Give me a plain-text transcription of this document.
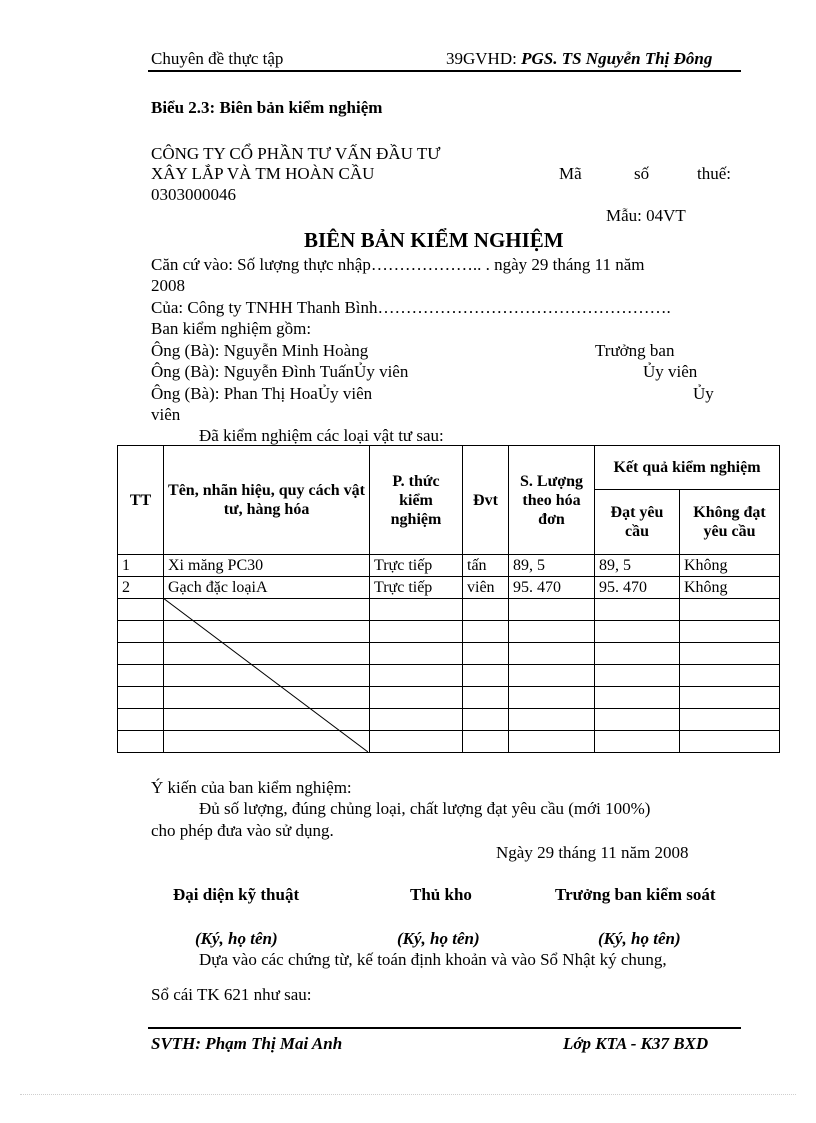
Chuyên đề thực tập	39GVHD: PGS. TS Nguyễn Thị Đông
Biểu 2.3: Biên bản kiểm nghiệm
CÔNG TY CỔ PHẦN TƯ VẤN ĐẦU TƯ
XÂY LẮP VÀ TM HOÀN CẦU	Mã	số	thuế:
0303000046
Mẫu: 04VT
BIÊN BẢN KIỂM NGHIỆM
Căn cứ vào: Số lượng thực nhập……………….. . ngày 29 tháng 11 năm
2008
Của: Công ty TNHH Thanh Bình…………………………………………….
Ban kiểm nghiệm gồm:
Ông (Bà): Nguyễn Minh Hoàng	Trưởng ban
Ông (Bà): Nguyễn Đình TuấnỦy viên	Ủy viên
Ông (Bà): Phan Thị HoaỦy viên	Ủy
viên
Đã kiểm nghiệm các loại vật tư sau:
TT	Tên, nhãn hiệu, quy cách vật tư, hàng hóa	P. thức kiểm nghiệm	Đvt	S. Lượng theo hóa đơn	Kết quả kiểm nghiệm	
					Đạt yêu cầu	Không đạt yêu cầu
1	Xi măng PC30	Trực tiếp	tấn	89, 5	89, 5	Không
2	Gạch đặc loạiA	Trực tiếp	viên	95. 470	95. 470	Không

Ý kiến của ban kiểm nghiệm:
Đủ số lượng, đúng chủng loại, chất lượng đạt yêu cầu (mới 100%)
cho phép đưa vào sử dụng.
Ngày 29 tháng 11 năm 2008
Đại diện kỹ thuật	Thủ kho	Trưởng ban kiểm soát
(Ký, họ tên)	(Ký, họ tên)	(Ký, họ tên)
Dựa vào các chứng từ, kế toán định khoản và vào Sổ Nhật ký chung,
Sổ cái TK 621 như sau:
SVTH: Phạm Thị Mai Anh	Lớp KTA - K37 BXD
